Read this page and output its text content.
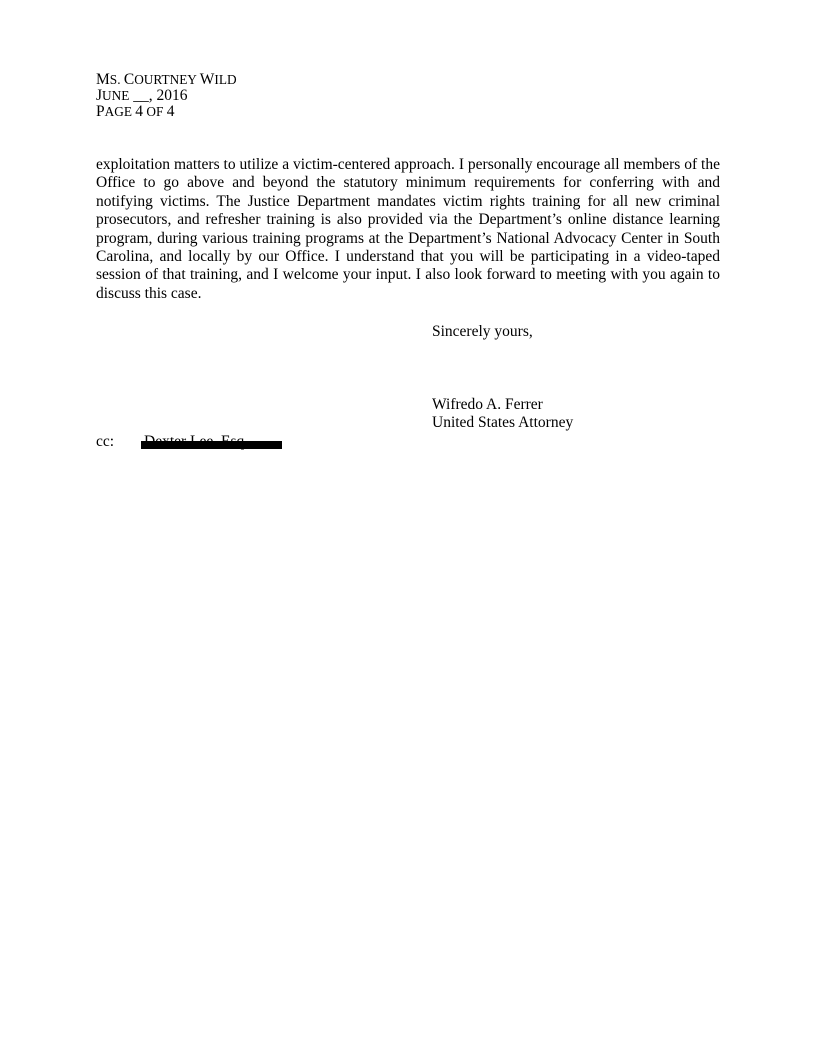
MS. COURTNEY WILD
JUNE __, 2016
PAGE 4 OF 4

exploitation matters to utilize a victim-centered approach. I personally encourage all members of the Office to go above and beyond the statutory minimum requirements for conferring with and notifying victims. The Justice Department mandates victim rights training for all new criminal prosecutors, and refresher training is also provided via the Department’s online distance learning program, during various training programs at the Department’s National Advocacy Center in South Carolina, and locally by our Office. I understand that you will be participating in a video-taped session of that training, and I welcome your input. I also look forward to meeting with you again to discuss this case.

Sincerely yours,
Wifredo A. Ferrer
United States Attorney
cc:
